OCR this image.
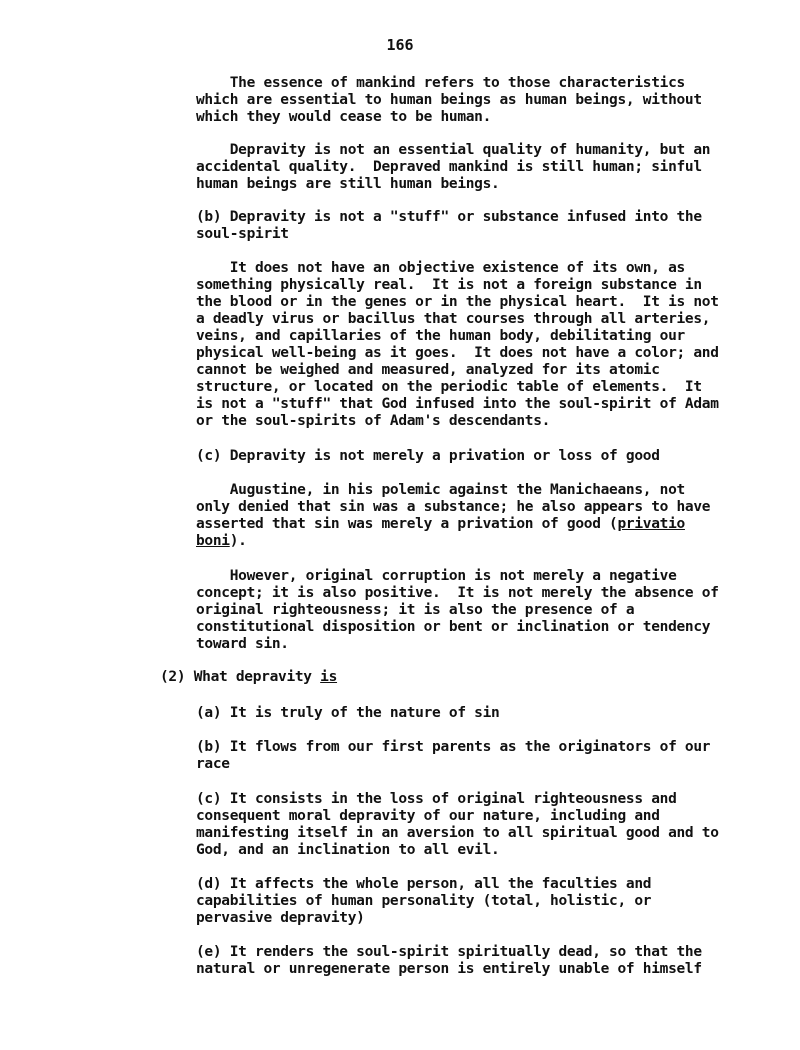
166

The essence of mankind refers to those characteristics
which are essential to human beings as human beings, without
which they would cease to be human.

Depravity is not an essential quality of humanity, but an
accidental quality.  Depraved mankind is still human; sinful
human beings are still human beings.

(b) Depravity is not a "stuff" or substance infused into the
soul-spirit

It does not have an objective existence of its own, as
something physically real.  It is not a foreign substance in
the blood or in the genes or in the physical heart.  It is not
a deadly virus or bacillus that courses through all arteries,
veins, and capillaries of the human body, debilitating our
physical well-being as it goes.  It does not have a color; and
cannot be weighed and measured, analyzed for its atomic
structure, or located on the periodic table of elements.  It
is not a "stuff" that God infused into the soul-spirit of Adam
or the soul-spirits of Adam's descendants.

(c) Depravity is not merely a privation or loss of good

Augustine, in his polemic against the Manichaeans, not
only denied that sin was a substance; he also appears to have
asserted that sin was merely a privation of good (privatio
boni).

However, original corruption is not merely a negative
concept; it is also positive.  It is not merely the absence of
original righteousness; it is also the presence of a
constitutional disposition or bent or inclination or tendency
toward sin.

(2) What depravity is

(a) It is truly of the nature of sin

(b) It flows from our first parents as the originators of our
race

(c) It consists in the loss of original righteousness and
consequent moral depravity of our nature, including and
manifesting itself in an aversion to all spiritual good and to
God, and an inclination to all evil.

(d) It affects the whole person, all the faculties and
capabilities of human personality (total, holistic, or
pervasive depravity)

(e) It renders the soul-spirit spiritually dead, so that the
natural or unregenerate person is entirely unable of himself
